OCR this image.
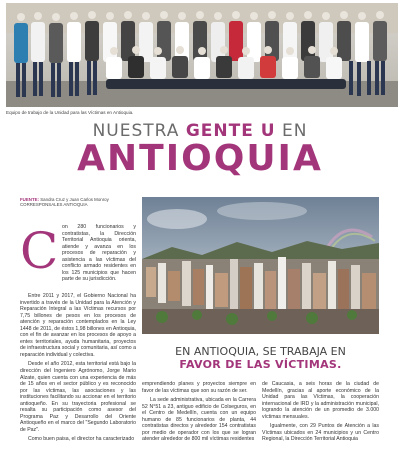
Equipo de trabajo de la Unidad para las Víctimas en Antioquia.
NUESTRA GENTE U EN
ANTIOQUIA
FUENTE: Sandra Cruz y Juan Carlos Monroy
CORRESPONSALES ANTIOQUIA
C on 280 funcionarios y contratistas, la Dirección Territorial Antioquia orienta, atiende y avanza en los procesos de reparación y asistencia a las víctimas del conflicto armado residentes en los 125 municipios que hacen parte de su jurisdicción.

Entre 2011 y 2017, el Gobierno Nacional ha invertido a través de la Unidad para la Atención y Reparación Integral a las Víctimas recursos por 7,75 billones de pesos en los procesos de atención y reparación contemplados en la Ley 1448 de 2011, de éstos 1,98 billones en Antioquia, con el fin de avanzar en los procesos de apoyo a entes territoriales, ayuda humanitaria, proyectos de infraestructura social y comunitaria, así como a reparación individual y colectiva.

Desde el año 2012, esta territorial está bajo la dirección del Ingeniero Agrónomo, Jorge Mario Alzate, quien cuenta con una experiencia de más de 15 años en el sector público y es reconocido por las víctimas, las asociaciones y las instituciones facilitando su accionar en el territorio antioqueño. En su trayectoria profesional se resalta su participación como asesor del Programa Paz y Desarrollo del Oriente Antioqueño en el marco del "Segundo Laboratorio de Paz".

Como buen paisa, el director ha caracterizado

EN ANTIOQUIA, SE TRABAJA EN
FAVOR DE LAS VÍCTIMAS.

emprendiendo planes y proyectos siempre en favor de las víctimas que son su razón de ser.

La sede administrativa, ubicada en la Carrera 52 N°51 a 23, antiguo edificio de Colseguros, en el Centro de Medellín, cuenta con un equipo humano de 85 funcionarios de planta, 44 contratistas directos y alrededor 154 contratistas por medio de operador con los que se logran atender alrededor de 800 mil víctimas residentes

de Caucasia, a seis horas de la ciudad de Medellín, gracias al aporte económico de la Unidad para las Víctimas, la cooperación internacional de IRD y la administración municipal, logrando la atención de un promedio de 3.000 víctimas mensuales.

Igualmente, con 29 Puntos de Atención a las Víctimas ubicados en 24 municipios y un Centro Regional, la Dirección Territorial Antioquia
